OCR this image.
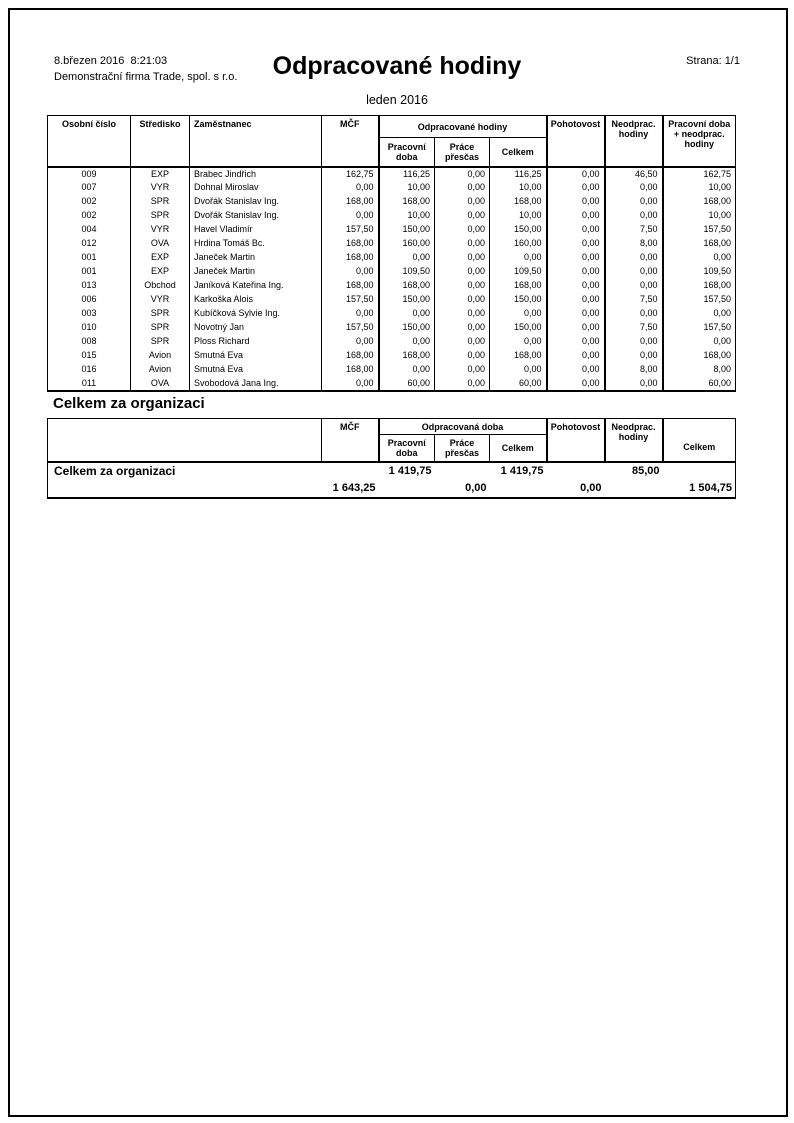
8.březen 2016  8:21:03
Demonstrační firma Trade, spol. s r.o.	Odpracované hodiny	Strana: 1/1
leden 2016
Osobní číslo	Středisko	Zaměstnanec	MČF	Odpracované hodiny			Pohotovost	Neodprac. hodiny	Pracovní doba + neodprac. hodiny
				Pracovní doba	Práce přesčas	Celkem			
009	EXP	Brabec Jindřich	162,75	116,25	0,00	116,25	0,00	46,50	162,75
007	VYR	Dohnal Miroslav	0,00	10,00	0,00	10,00	0,00	0,00	10,00
002	SPR	Dvořák Stanislav Ing.	168,00	168,00	0,00	168,00	0,00	0,00	168,00
002	SPR	Dvořák Stanislav Ing.	0,00	10,00	0,00	10,00	0,00	0,00	10,00
004	VYR	Havel Vladimír	157,50	150,00	0,00	150,00	0,00	7,50	157,50
012	OVA	Hrdina Tomáš Bc.	168,00	160,00	0,00	160,00	0,00	8,00	168,00
001	EXP	Janeček Martin	168,00	0,00	0,00	0,00	0,00	0,00	0,00
001	EXP	Janeček Martin	0,00	109,50	0,00	109,50	0,00	0,00	109,50
013	Obchod	Janíková Kateřina Ing.	168,00	168,00	0,00	168,00	0,00	0,00	168,00
006	VYR	Karkoška Alois	157,50	150,00	0,00	150,00	0,00	7,50	157,50
003	SPR	Kubíčková Sylvie Ing.	0,00	0,00	0,00	0,00	0,00	0,00	0,00
010	SPR	Novotný Jan	157,50	150,00	0,00	150,00	0,00	7,50	157,50
008	SPR	Ploss Richard	0,00	0,00	0,00	0,00	0,00	0,00	0,00
015	Avion	Smutná Eva	168,00	168,00	0,00	168,00	0,00	0,00	168,00
016	Avion	Smutná Eva	168,00	0,00	0,00	0,00	0,00	8,00	8,00
011	OVA	Svobodová Jana Ing.	0,00	60,00	0,00	60,00	0,00	0,00	60,00
Celkem za organizaci
	MČF	Odpracovaná doba			Pohotovost	Neodprac. hodiny	Celkem
		Pracovní doba	Práce přesčas	Celkem			
Celkem za organizaci		1 419,75		1 419,75		85,00	
	1 643,25		0,00		0,00		1 504,75
